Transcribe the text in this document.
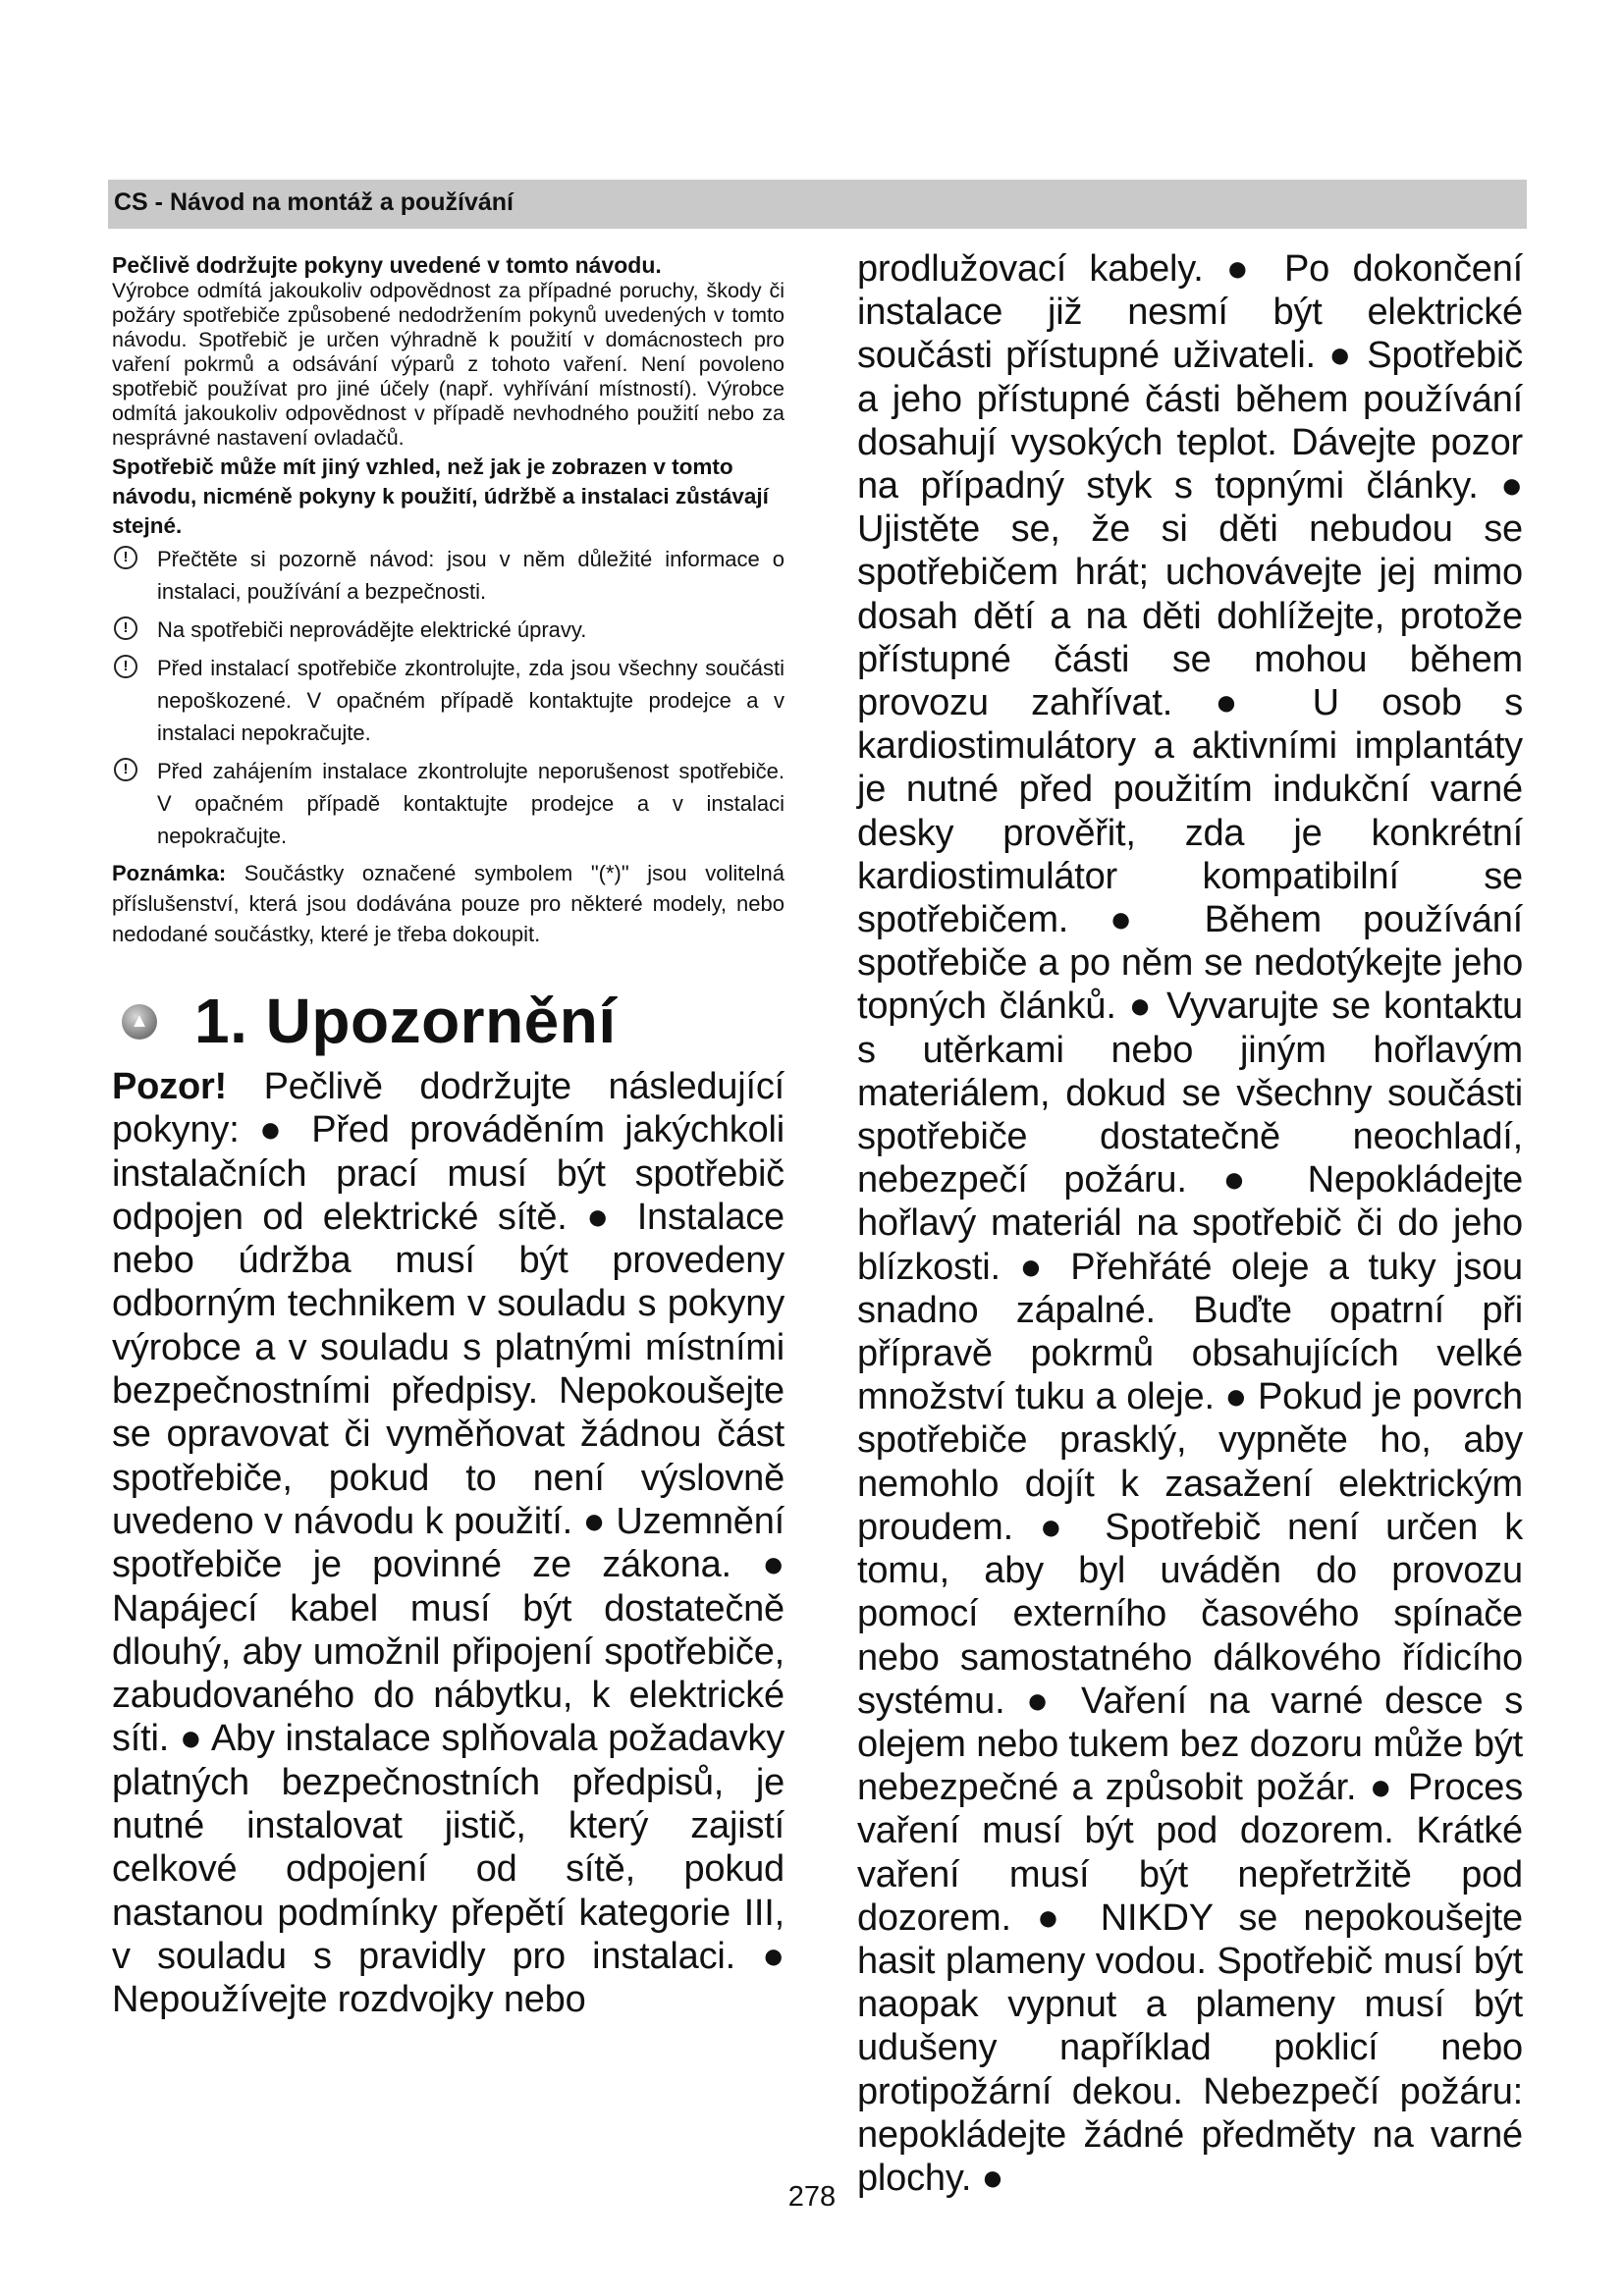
CS - Návod na montáž a používání

Pečlivě dodržujte pokyny uvedené v tomto návodu.

Výrobce odmítá jakoukoliv odpovědnost za případné poruchy, škody či požáry spotřebiče způsobené nedodržením pokynů uvedených v tomto návodu. Spotřebič je určen výhradně k použití v domácnostech pro vaření pokrmů a odsávání výparů z tohoto vaření. Není povoleno spotřebič používat pro jiné účely (např. vyhřívání místností). Výrobce odmítá jakoukoliv odpovědnost v případě nevhodného použití nebo za nesprávné nastavení ovladačů.

Spotřebič může mít jiný vzhled, než jak je zobrazen v tomto návodu, nicméně pokyny k použití, údržbě a instalaci zůstávají stejné.

!	Přečtěte si pozorně návod: jsou v něm důležité informace o instalaci, používání a bezpečnosti.
!	Na spotřebiči neprovádějte elektrické úpravy.
!	Před instalací spotřebiče zkontrolujte, zda jsou všechny součásti nepoškozené. V opačném případě kontaktujte prodejce a v instalaci nepokračujte.
!	Před zahájením instalace zkontrolujte neporušenost spotřebiče. V opačném případě kontaktujte prodejce a v instalaci nepokračujte.

Poznámka: Součástky označené symbolem "(*)" jsou volitelná příslušenství, která jsou dodávána pouze pro některé modely, nebo nedodané součástky, které je třeba dokoupit.

▲ 1. Upozornění

Pozor! Pečlivě dodržujte následující pokyny: ● Před prováděním jakýchkoli instalačních prací musí být spotřebič odpojen od elektrické sítě. ● Instalace nebo údržba musí být provedeny odborným technikem v souladu s pokyny výrobce a v souladu s platnými místními bezpečnostními předpisy. Nepokoušejte se opravovat či vyměňovat žádnou část spotřebiče, pokud to není výslovně uvedeno v návodu k použití. ● Uzemnění spotřebiče je povinné ze zákona. ● Napájecí kabel musí být dostatečně dlouhý, aby umožnil připojení spotřebiče, zabudovaného do nábytku, k elektrické síti. ● Aby instalace splňovala požadavky platných bezpečnostních předpisů, je nutné instalovat jistič, který zajistí celkové odpojení od sítě, pokud nastanou podmínky přepětí kategorie III, v souladu s pravidly pro instalaci. ● Nepoužívejte rozdvojky nebo

prodlužovací kabely. ● Po dokončení instalace již nesmí být elektrické součásti přístupné uživateli. ● Spotřebič a jeho přístupné části během používání dosahují vysokých teplot. Dávejte pozor na případný styk s topnými články. ● Ujistěte se, že si děti nebudou se spotřebičem hrát; uchovávejte jej mimo dosah dětí a na děti dohlížejte, protože přístupné části se mohou během provozu zahřívat. ● U osob s kardiostimulátory a aktivními implantáty je nutné před použitím indukční varné desky prověřit, zda je konkrétní kardiostimulátor kompatibilní se spotřebičem. ● Během používání spotřebiče a po něm se nedotýkejte jeho topných článků. ● Vyvarujte se kontaktu s utěrkami nebo jiným hořlavým materiálem, dokud se všechny součásti spotřebiče dostatečně neochladí, nebezpečí požáru. ● Nepokládejte hořlavý materiál na spotřebič či do jeho blízkosti. ● Přehřáté oleje a tuky jsou snadno zápalné. Buďte opatrní při přípravě pokrmů obsahujících velké množství tuku a oleje. ● Pokud je povrch spotřebiče prasklý, vypněte ho, aby nemohlo dojít k zasažení elektrickým proudem. ● Spotřebič není určen k tomu, aby byl uváděn do provozu pomocí externího časového spínače nebo samostatného dálkového řídicího systému. ● Vaření na varné desce s olejem nebo tukem bez dozoru může být nebezpečné a způsobit požár. ● Proces vaření musí být pod dozorem. Krátké vaření musí být nepřetržitě pod dozorem. ● NIKDY se nepokoušejte hasit plameny vodou. Spotřebič musí být naopak vypnut a plameny musí být udušeny například poklicí nebo protipožární dekou. Nebezpečí požáru: nepokládejte žádné předměty na varné plochy. ●

278
